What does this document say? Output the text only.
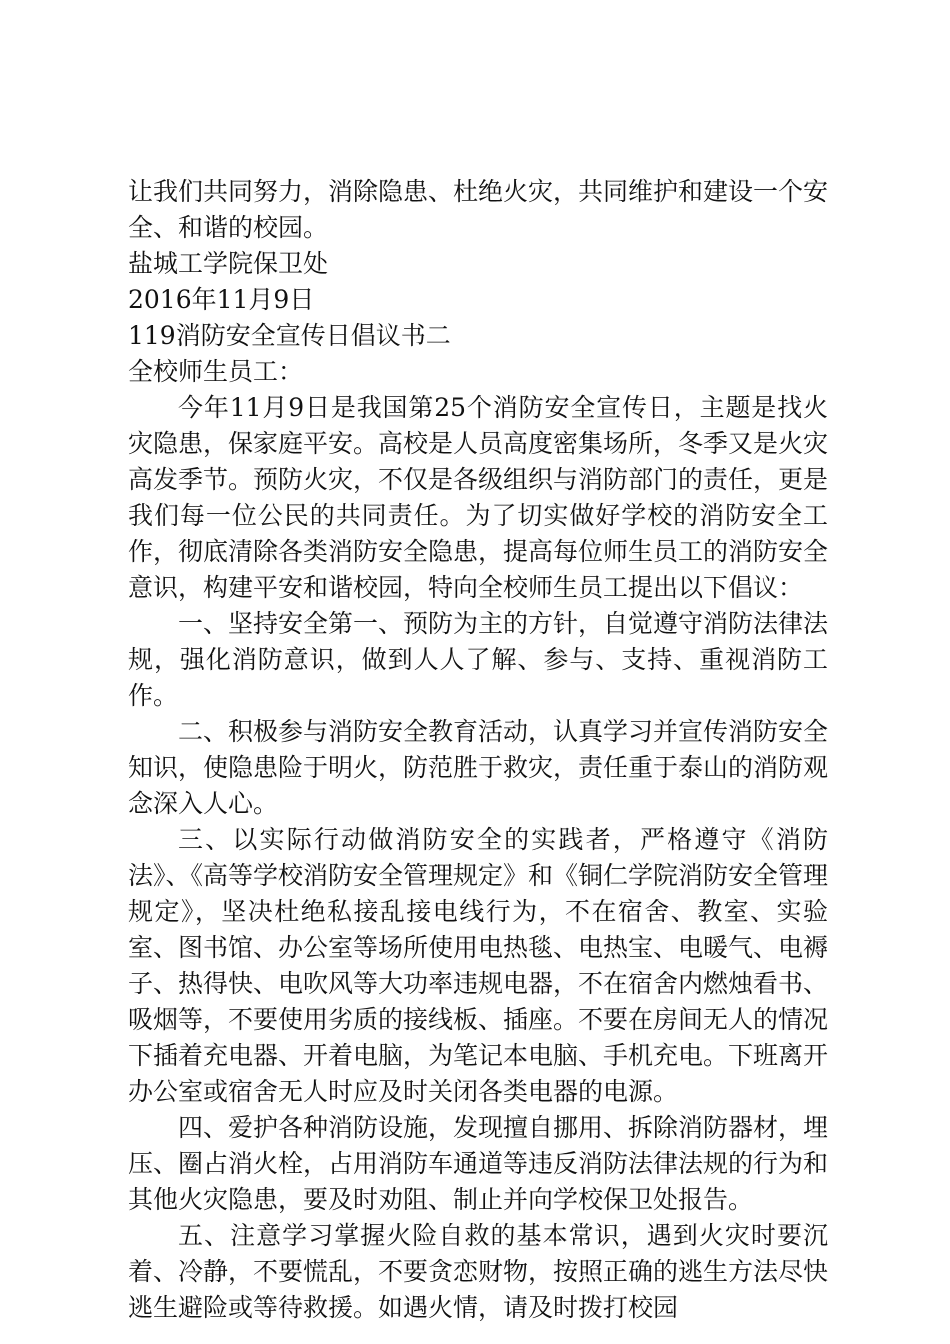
让我们共同努力，消除隐患、杜绝火灾，共同维护和建设一个安全、和谐的校园。

盐城工学院保卫处

2016年11月9日

119消防安全宣传日倡议书二

全校师生员工：

今年11月9日是我国第25个消防安全宣传日，主题是找火灾隐患，保家庭平安。高校是人员高度密集场所，冬季又是火灾高发季节。预防火灾，不仅是各级组织与消防部门的责任，更是我们每一位公民的共同责任。为了切实做好学校的消防安全工作，彻底清除各类消防安全隐患，提高每位师生员工的消防安全意识，构建平安和谐校园，特向全校师生员工提出以下倡议：

一、坚持安全第一、预防为主的方针，自觉遵守消防法律法规，强化消防意识，做到人人了解、参与、支持、重视消防工作。

二、积极参与消防安全教育活动，认真学习并宣传消防安全知识，使隐患险于明火，防范胜于救灾，责任重于泰山的消防观念深入人心。

三、以实际行动做消防安全的实践者，严格遵守《消防法》、《高等学校消防安全管理规定》和《铜仁学院消防安全管理规定》，坚决杜绝私接乱接电线行为，不在宿舍、教室、实验室、图书馆、办公室等场所使用电热毯、电热宝、电暖气、电褥子、热得快、电吹风等大功率违规电器，不在宿舍内燃烛看书、吸烟等，不要使用劣质的接线板、插座。不要在房间无人的情况下插着充电器、开着电脑，为笔记本电脑、手机充电。下班离开办公室或宿舍无人时应及时关闭各类电器的电源。

四、爱护各种消防设施，发现擅自挪用、拆除消防器材，埋压、圈占消火栓，占用消防车通道等违反消防法律法规的行为和其他火灾隐患，要及时劝阻、制止并向学校保卫处报告。

五、注意学习掌握火险自救的基本常识，遇到火灾时要沉着、冷静，不要慌乱，不要贪恋财物，按照正确的逃生方法尽快逃生避险或等待救援。如遇火情，请及时拨打校园
